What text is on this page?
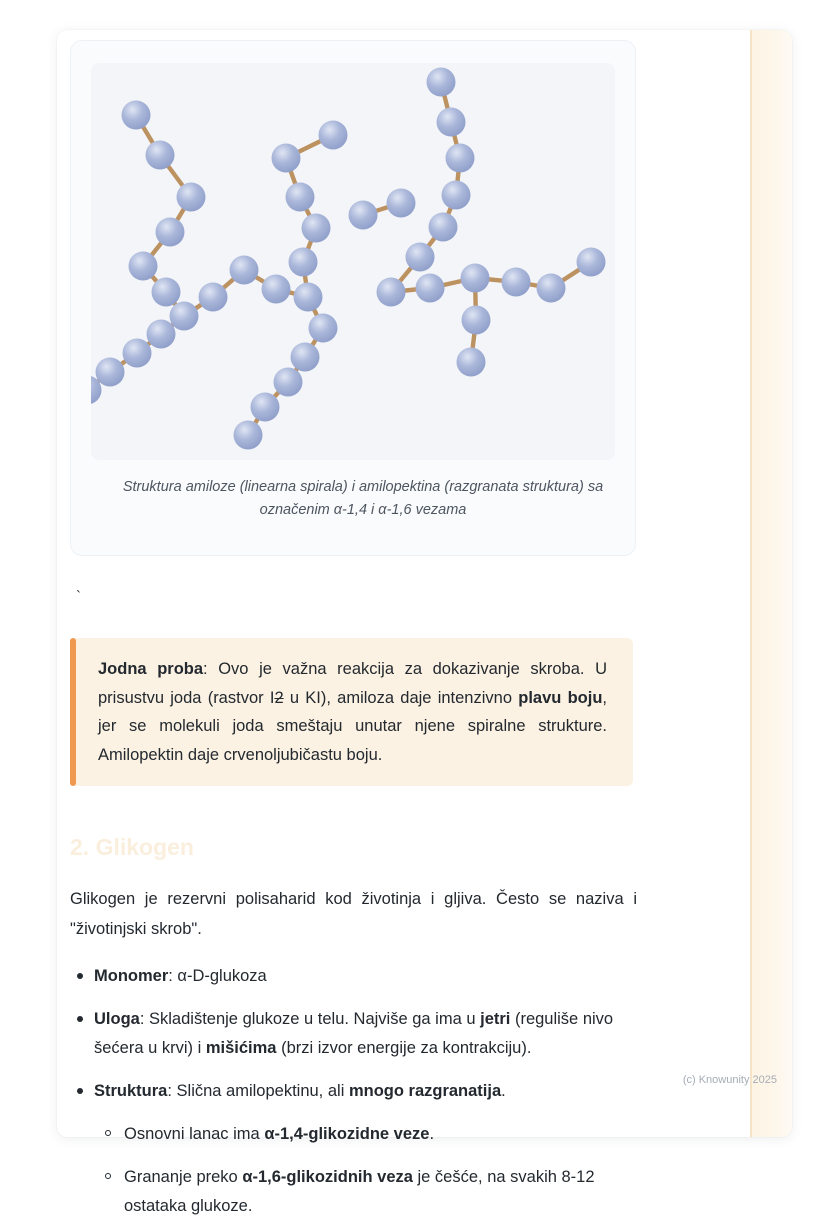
Struktura amiloze (linearna spirala) i amilopektina (razgranata struktura) sa označenim α-1,4 i α-1,6 vezama
`

Jodna proba: Ovo je važna reakcija za dokazivanje skroba. U prisustvu joda (rastvor I2 u KI), amiloza daje intenzivno plavu boju, jer se molekuli joda smeštaju unutar njene spiralne strukture. Amilopektin daje crvenoljubičastu boju.

2. Glikogen

Glikogen je rezervni polisaharid kod životinja i gljiva. Često se naziva i "životinjski skrob".

Monomer: α-D-glukoza
Uloga: Skladištenje glukoze u telu. Najviše ga ima u jetri (reguliše nivo šećera u krvi) i mišićima (brzi izvor energije za kontrakciju).
Struktura: Slična amilopektinu, ali mnogo razgranatija.
Osnovni lanac ima α-1,4-glikozidne veze.
Grananje preko α-1,6-glikozidnih veza je češće, na svakih 8-12 ostataka glukoze.
(c) Knowunity 2025
